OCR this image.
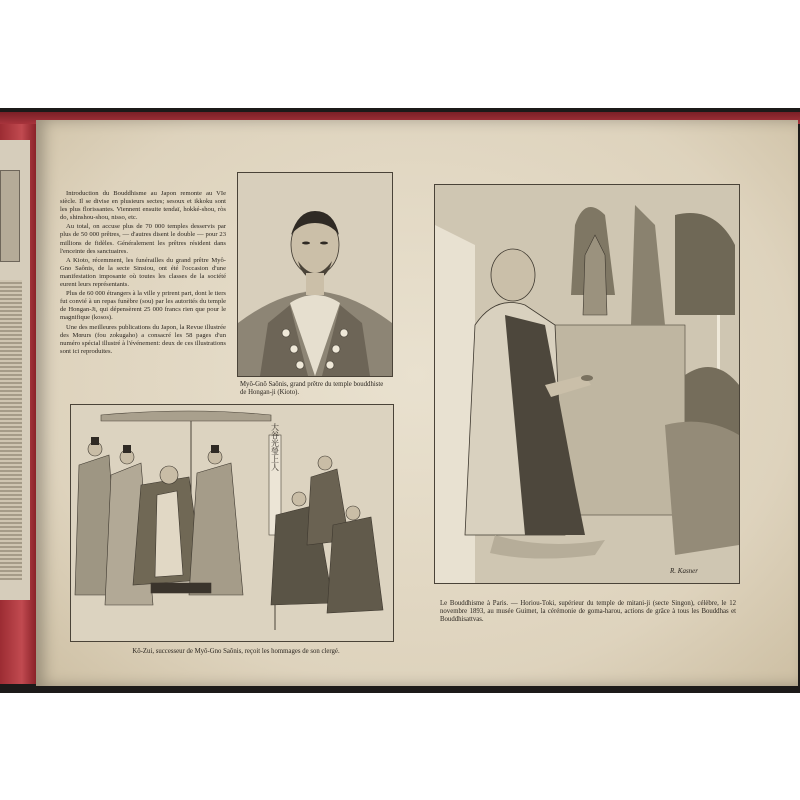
Introduction du Bouddhisme au Japon remonte au VIe siècle. Il se divise en plusieurs sectes; sesoux et ikkoku sont les plus florissantes. Viennent ensuite tendaï, hokké-shou, ròs do, shinshou-shou, nisso, etc.

Au total, on accuse plus de 70 000 temples desservis par plus de 50 000 prêtres, — d'autres disent le double — pour 23 millions de fidèles. Généralement les prêtres résident dans l'enceinte des sanctuaires.

A Kioto, récemment, les funérailles du grand prêtre Myô-Gno Saônis, de la secte Sinsiou, ont été l'occasion d'une manifestation imposante où toutes les classes de la société eurent leurs représentants.

Plus de 60 000 étrangers à la ville y prirent part, dont le tiers fut convié à un repas funèbre (sou) par les autorités du temple de Hongan-Ji, qui dépensèrent 25 000 francs rien que pour le magnifique (kosos).

Une des meilleures publications du Japon, la Revue illustrée des Mœurs (fou zokugaho) a consacré les 58 pages d'un numéro spécial illustré à l'événement: deux de ces illustrations sont ici reproduites.

Myô-Gnô Saônis, grand prêtre du temple bouddhiste de Hongan-ji (Kioto).

大谷光瑩上人

Kô-Zui, successeur de Myô-Gno Saônis, reçoit les hommages de son clergé.

R. Kasner

Le Bouddhisme à Paris. — Horiou-Toki, supérieur du temple de mitani-ji (secte Singon), célèbre, le 12 novembre 1893, au musée Guimet, la cérémonie de goma-harou, actions de grâce à tous les Bouddhas et Bouddhisattvas.
